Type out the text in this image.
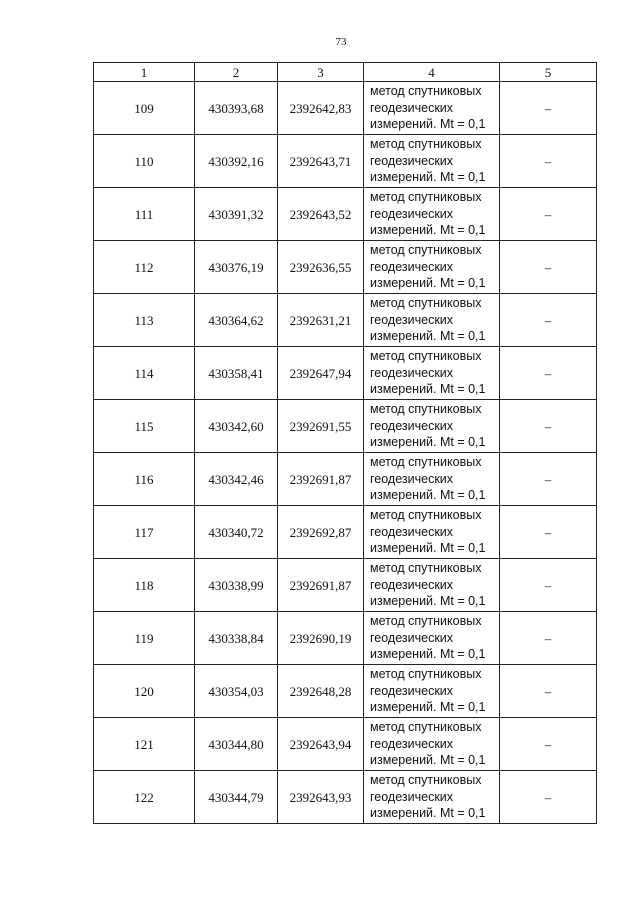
73
1	2	3	4	5
109	430393,68	2392642,83	метод спутниковых
геодезических
измерений. Mt = 0,1	–
110	430392,16	2392643,71	метод спутниковых
геодезических
измерений. Mt = 0,1	–
111	430391,32	2392643,52	метод спутниковых
геодезических
измерений. Mt = 0,1	–
112	430376,19	2392636,55	метод спутниковых
геодезических
измерений. Mt = 0,1	–
113	430364,62	2392631,21	метод спутниковых
геодезических
измерений. Mt = 0,1	–
114	430358,41	2392647,94	метод спутниковых
геодезических
измерений. Mt = 0,1	–
115	430342,60	2392691,55	метод спутниковых
геодезических
измерений. Mt = 0,1	–
116	430342,46	2392691,87	метод спутниковых
геодезических
измерений. Mt = 0,1	–
117	430340,72	2392692,87	метод спутниковых
геодезических
измерений. Mt = 0,1	–
118	430338,99	2392691,87	метод спутниковых
геодезических
измерений. Mt = 0,1	–
119	430338,84	2392690,19	метод спутниковых
геодезических
измерений. Mt = 0,1	–
120	430354,03	2392648,28	метод спутниковых
геодезических
измерений. Mt = 0,1	–
121	430344,80	2392643,94	метод спутниковых
геодезических
измерений. Mt = 0,1	–
122	430344,79	2392643,93	метод спутниковых
геодезических
измерений. Mt = 0,1	–
